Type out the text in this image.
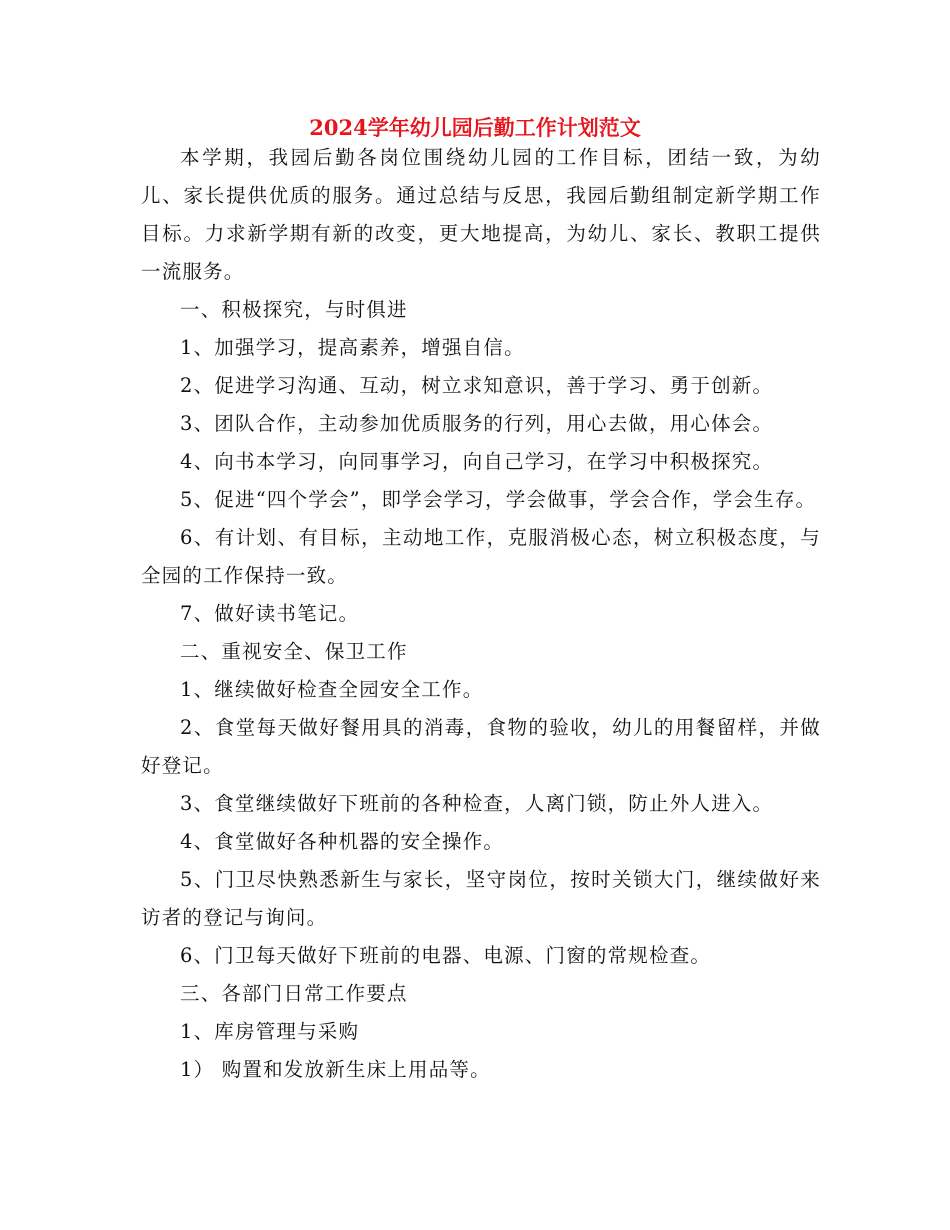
2024学年幼儿园后勤工作计划范文

本学期，我园后勤各岗位围绕幼儿园的工作目标，团结一致，为幼儿、家长提供优质的服务。通过总结与反思，我园后勤组制定新学期工作目标。力求新学期有新的改变，更大地提高，为幼儿、家长、教职工提供一流服务。

一、积极探究，与时俱进

1、加强学习，提高素养，增强自信。

2、促进学习沟通、互动，树立求知意识，善于学习、勇于创新。

3、团队合作，主动参加优质服务的行列，用心去做，用心体会。

4、向书本学习，向同事学习，向自己学习，在学习中积极探究。

5、促进“四个学会”，即学会学习，学会做事，学会合作，学会生存。

6、有计划、有目标，主动地工作，克服消极心态，树立积极态度，与全园的工作保持一致。

7、做好读书笔记。

二、重视安全、保卫工作

1、继续做好检查全园安全工作。

2、食堂每天做好餐用具的消毒，食物的验收，幼儿的用餐留样，并做好登记。

3、食堂继续做好下班前的各种检查，人离门锁，防止外人进入。

4、食堂做好各种机器的安全操作。

5、门卫尽快熟悉新生与家长，坚守岗位，按时关锁大门，继续做好来访者的登记与询问。

6、门卫每天做好下班前的电器、电源、门窗的常规检查。

三、各部门日常工作要点

1、库房管理与采购

1） 购置和发放新生床上用品等。
